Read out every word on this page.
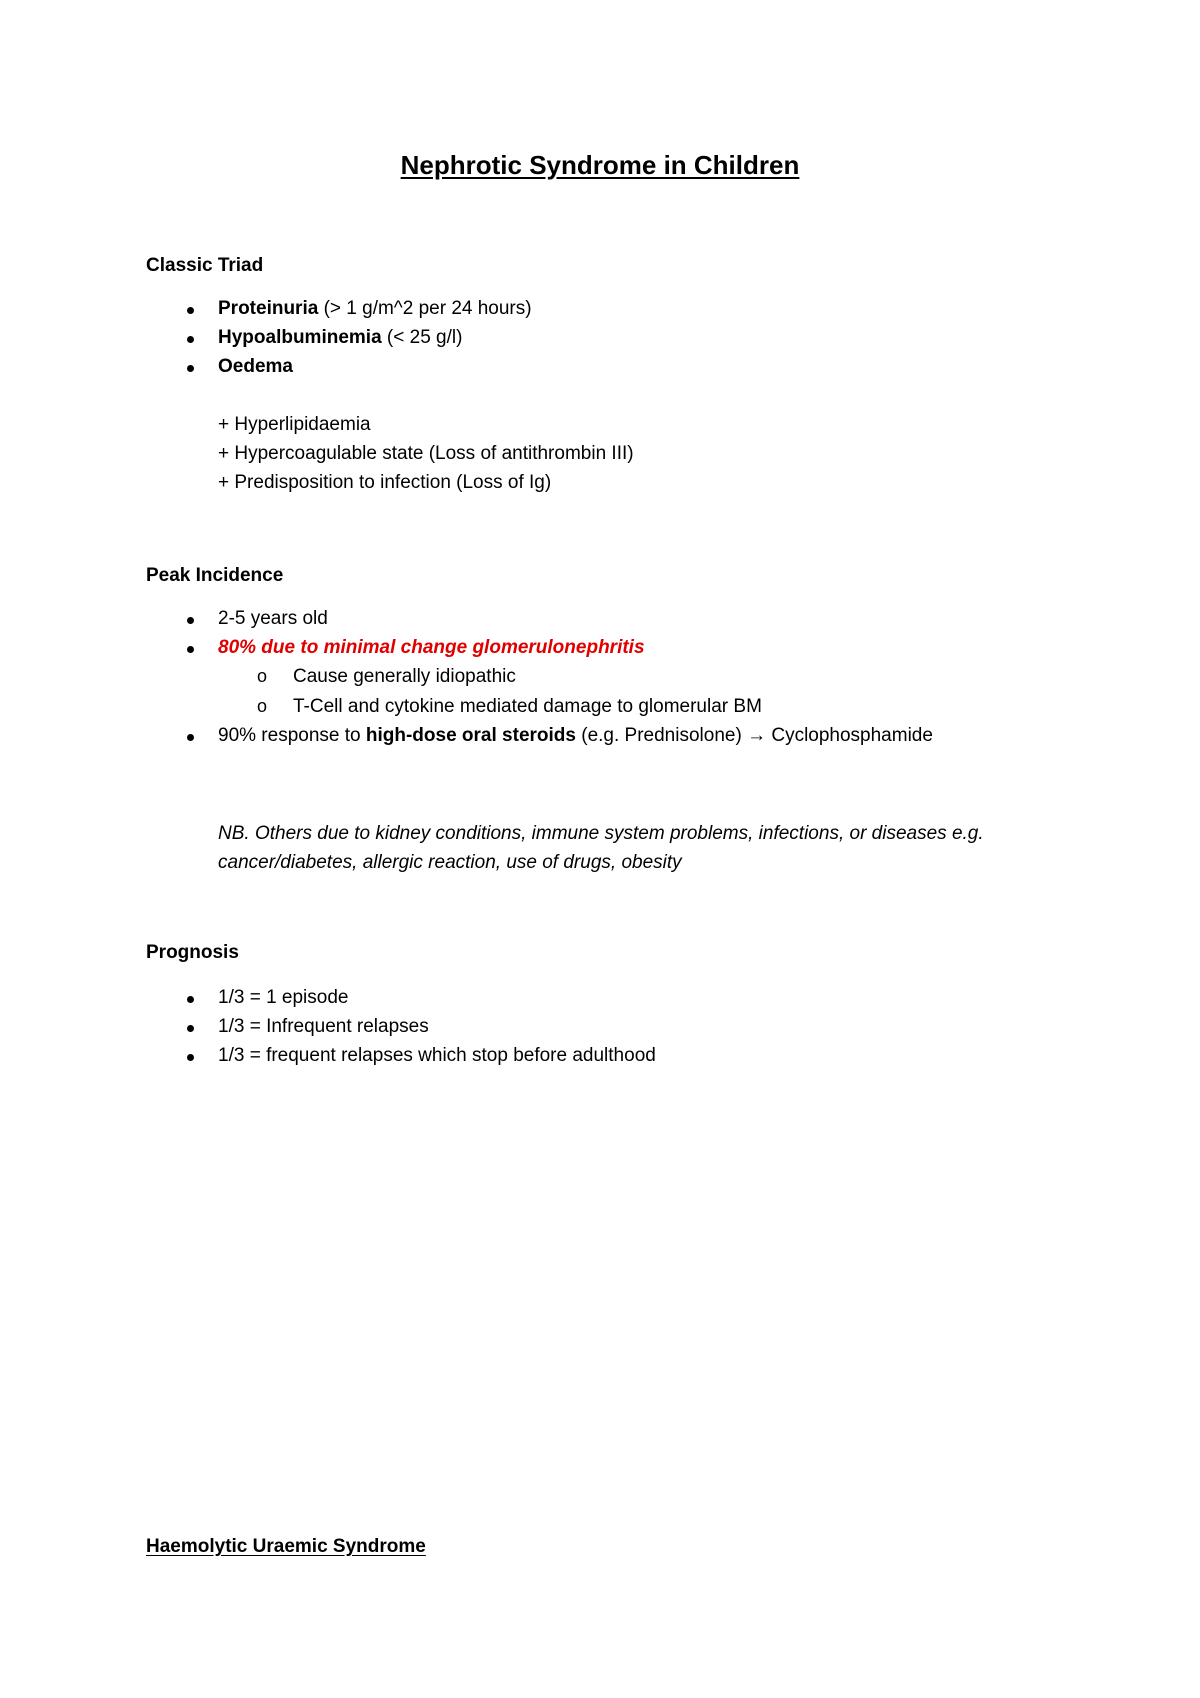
Nephrotic Syndrome in Children
Classic Triad
Proteinuria (> 1 g/m^2 per 24 hours)
Hypoalbuminemia (< 25 g/l)
Oedema
+ Hyperlipidaemia
+ Hypercoagulable state (Loss of antithrombin III)
+ Predisposition to infection (Loss of Ig)
Peak Incidence
2-5 years old
80% due to minimal change glomerulonephritis
o Cause generally idiopathic
o T-Cell and cytokine mediated damage to glomerular BM
90% response to high-dose oral steroids (e.g. Prednisolone) → Cyclophosphamide
NB. Others due to kidney conditions, immune system problems, infections, or diseases e.g.
cancer/diabetes, allergic reaction, use of drugs, obesity
Prognosis
1/3 = 1 episode
1/3 = Infrequent relapses
1/3 = frequent relapses which stop before adulthood
Haemolytic Uraemic Syndrome
